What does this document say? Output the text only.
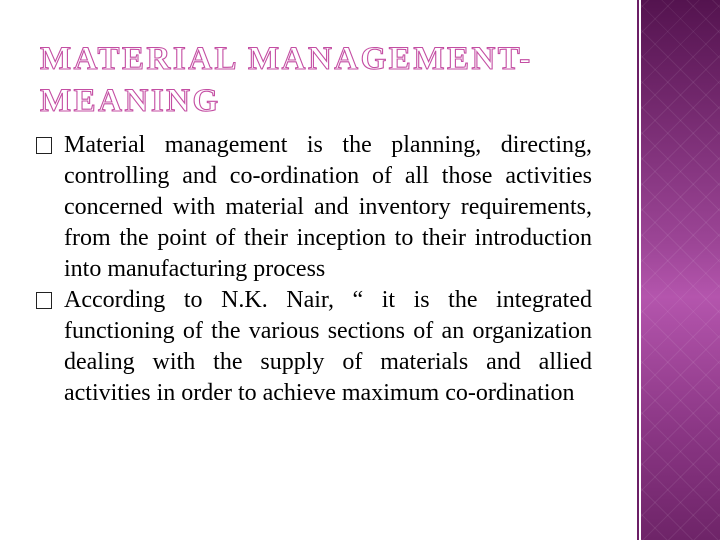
MATERIAL MANAGEMENT-MEANING
Material management is the planning, directing, controlling and co-ordination of all those activities concerned with material and inventory requirements, from the point of their inception to their introduction into manufacturing process
According to N.K. Nair, “ it is the integrated functioning of the various sections of an organization dealing with the supply of materials and allied activities in order to achieve maximum co-ordination
